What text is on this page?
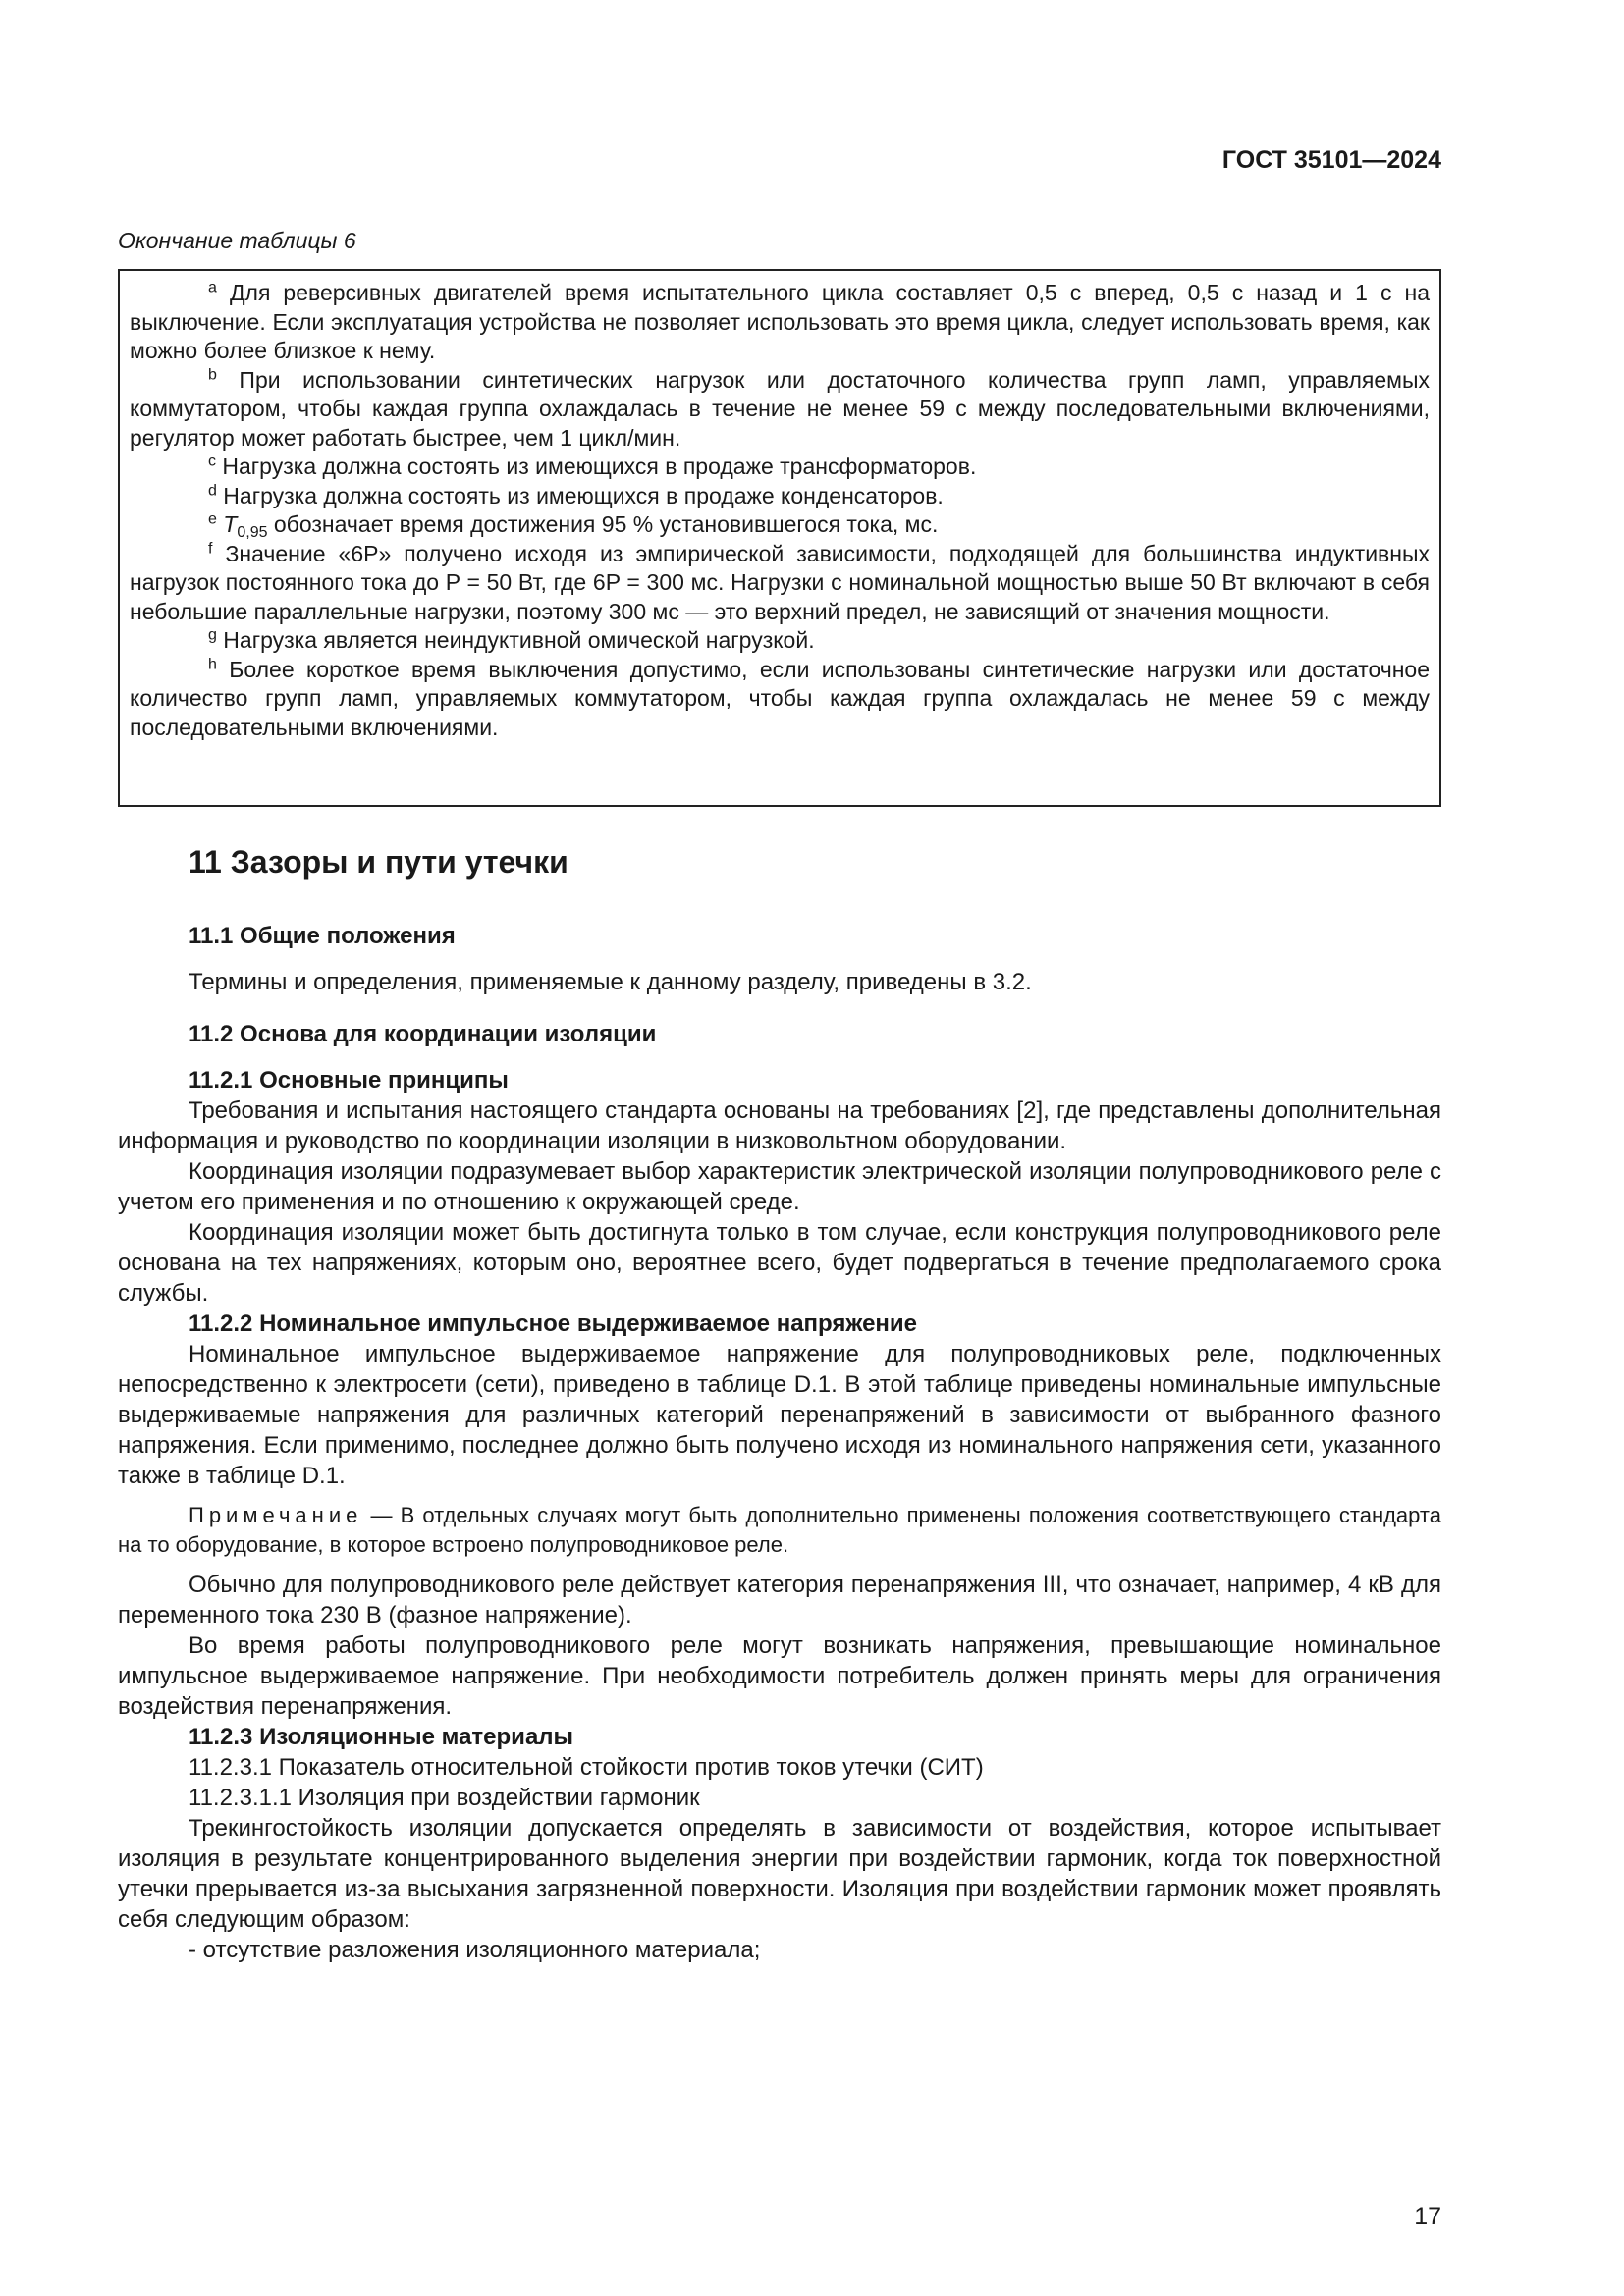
ГОСТ 35101—2024
Окончание таблицы 6

$^a$ Для реверсивных двигателей время испытательного цикла составляет 0,5 с вперед, 0,5 с назад и 1 с на выключение. Если эксплуатация устройства не позволяет использовать это время цикла, следует использовать время, как можно более близкое к нему.

$^b$ При использовании синтетических нагрузок или достаточного количества групп ламп, управляемых коммутатором, чтобы каждая группа охлаждалась в течение не менее 59 с между последовательными включениями, регулятор может работать быстрее, чем 1 цикл/мин.

$^c$ Нагрузка должна состоять из имеющихся в продаже трансформаторов.

$^d$ Нагрузка должна состоять из имеющихся в продаже конденсаторов.

$^e$ $T_{0,95}$ обозначает время достижения 95 % установившегося тока, мс.

$^f$ Значение «6P» получено исходя из эмпирической зависимости, подходящей для большинства индуктивных нагрузок постоянного тока до P = 50 Вт, где 6P = 300 мс. Нагрузки с номинальной мощностью выше 50 Вт включают в себя небольшие параллельные нагрузки, поэтому 300 мс — это верхний предел, не зависящий от значения мощности.

$^g$ Нагрузка является неиндуктивной омической нагрузкой.

$^h$ Более короткое время выключения допустимо, если использованы синтетические нагрузки или достаточное количество групп ламп, управляемых коммутатором, чтобы каждая группа охлаждалась не менее 59 с между последовательными включениями.

11 Зазоры и пути утечки
11.1 Общие положения

Термины и определения, применяемые к данному разделу, приведены в 3.2.

11.2 Основа для координации изоляции
11.2.1 Основные принципы

Требования и испытания настоящего стандарта основаны на требованиях [2], где представлены дополнительная информация и руководство по координации изоляции в низковольтном оборудовании.

Координация изоляции подразумевает выбор характеристик электрической изоляции полупроводникового реле с учетом его применения и по отношению к окружающей среде.

Координация изоляции может быть достигнута только в том случае, если конструкция полупроводникового реле основана на тех напряжениях, которым оно, вероятнее всего, будет подвергаться в течение предполагаемого срока службы.

11.2.2 Номинальное импульсное выдерживаемое напряжение

Номинальное импульсное выдерживаемое напряжение для полупроводниковых реле, подключенных непосредственно к электросети (сети), приведено в таблице D.1. В этой таблице приведены номинальные импульсные выдерживаемые напряжения для различных категорий перенапряжений в зависимости от выбранного фазного напряжения. Если применимо, последнее должно быть получено исходя из номинального напряжения сети, указанного также в таблице D.1.

Примечание — В отдельных случаях могут быть дополнительно применены положения соответствующего стандарта на то оборудование, в которое встроено полупроводниковое реле.

Обычно для полупроводникового реле действует категория перенапряжения III, что означает, например, 4 кВ для переменного тока 230 В (фазное напряжение).

Во время работы полупроводникового реле могут возникать напряжения, превышающие номинальное импульсное выдерживаемое напряжение. При необходимости потребитель должен принять меры для ограничения воздействия перенапряжения.

11.2.3 Изоляционные материалы

11.2.3.1 Показатель относительной стойкости против токов утечки (СИТ)

11.2.3.1.1 Изоляция при воздействии гармоник

Трекингостойкость изоляции допускается определять в зависимости от воздействия, которое испытывает изоляция в результате концентрированного выделения энергии при воздействии гармоник, когда ток поверхностной утечки прерывается из-за высыхания загрязненной поверхности. Изоляция при воздействии гармоник может проявлять себя следующим образом:

- отсутствие разложения изоляционного материала;

17
